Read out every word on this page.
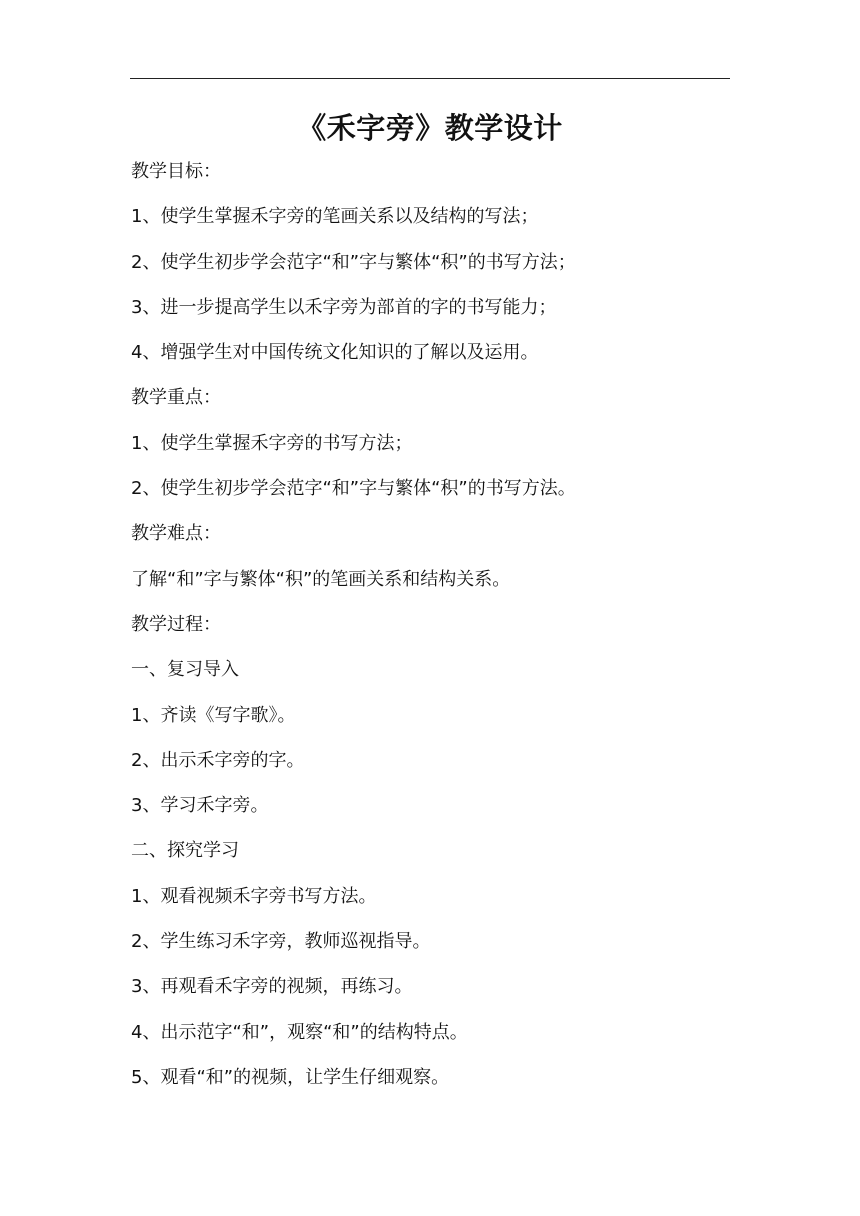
《禾字旁》教学设计
教学目标：
1、使学生掌握禾字旁的笔画关系以及结构的写法；
2、使学生初步学会范字“和”字与繁体“积”的书写方法；
3、进一步提高学生以禾字旁为部首的字的书写能力；
4、增强学生对中国传统文化知识的了解以及运用。
教学重点：
1、使学生掌握禾字旁的书写方法；
2、使学生初步学会范字“和”字与繁体“积”的书写方法。
教学难点：
了解“和”字与繁体“积”的笔画关系和结构关系。
教学过程：
一、复习导入
1、齐读《写字歌》。
2、出示禾字旁的字。
3、学习禾字旁。
二、探究学习
1、观看视频禾字旁书写方法。
2、学生练习禾字旁，教师巡视指导。
3、再观看禾字旁的视频，再练习。
4、出示范字“和”，观察“和”的结构特点。
5、观看“和”的视频，让学生仔细观察。
